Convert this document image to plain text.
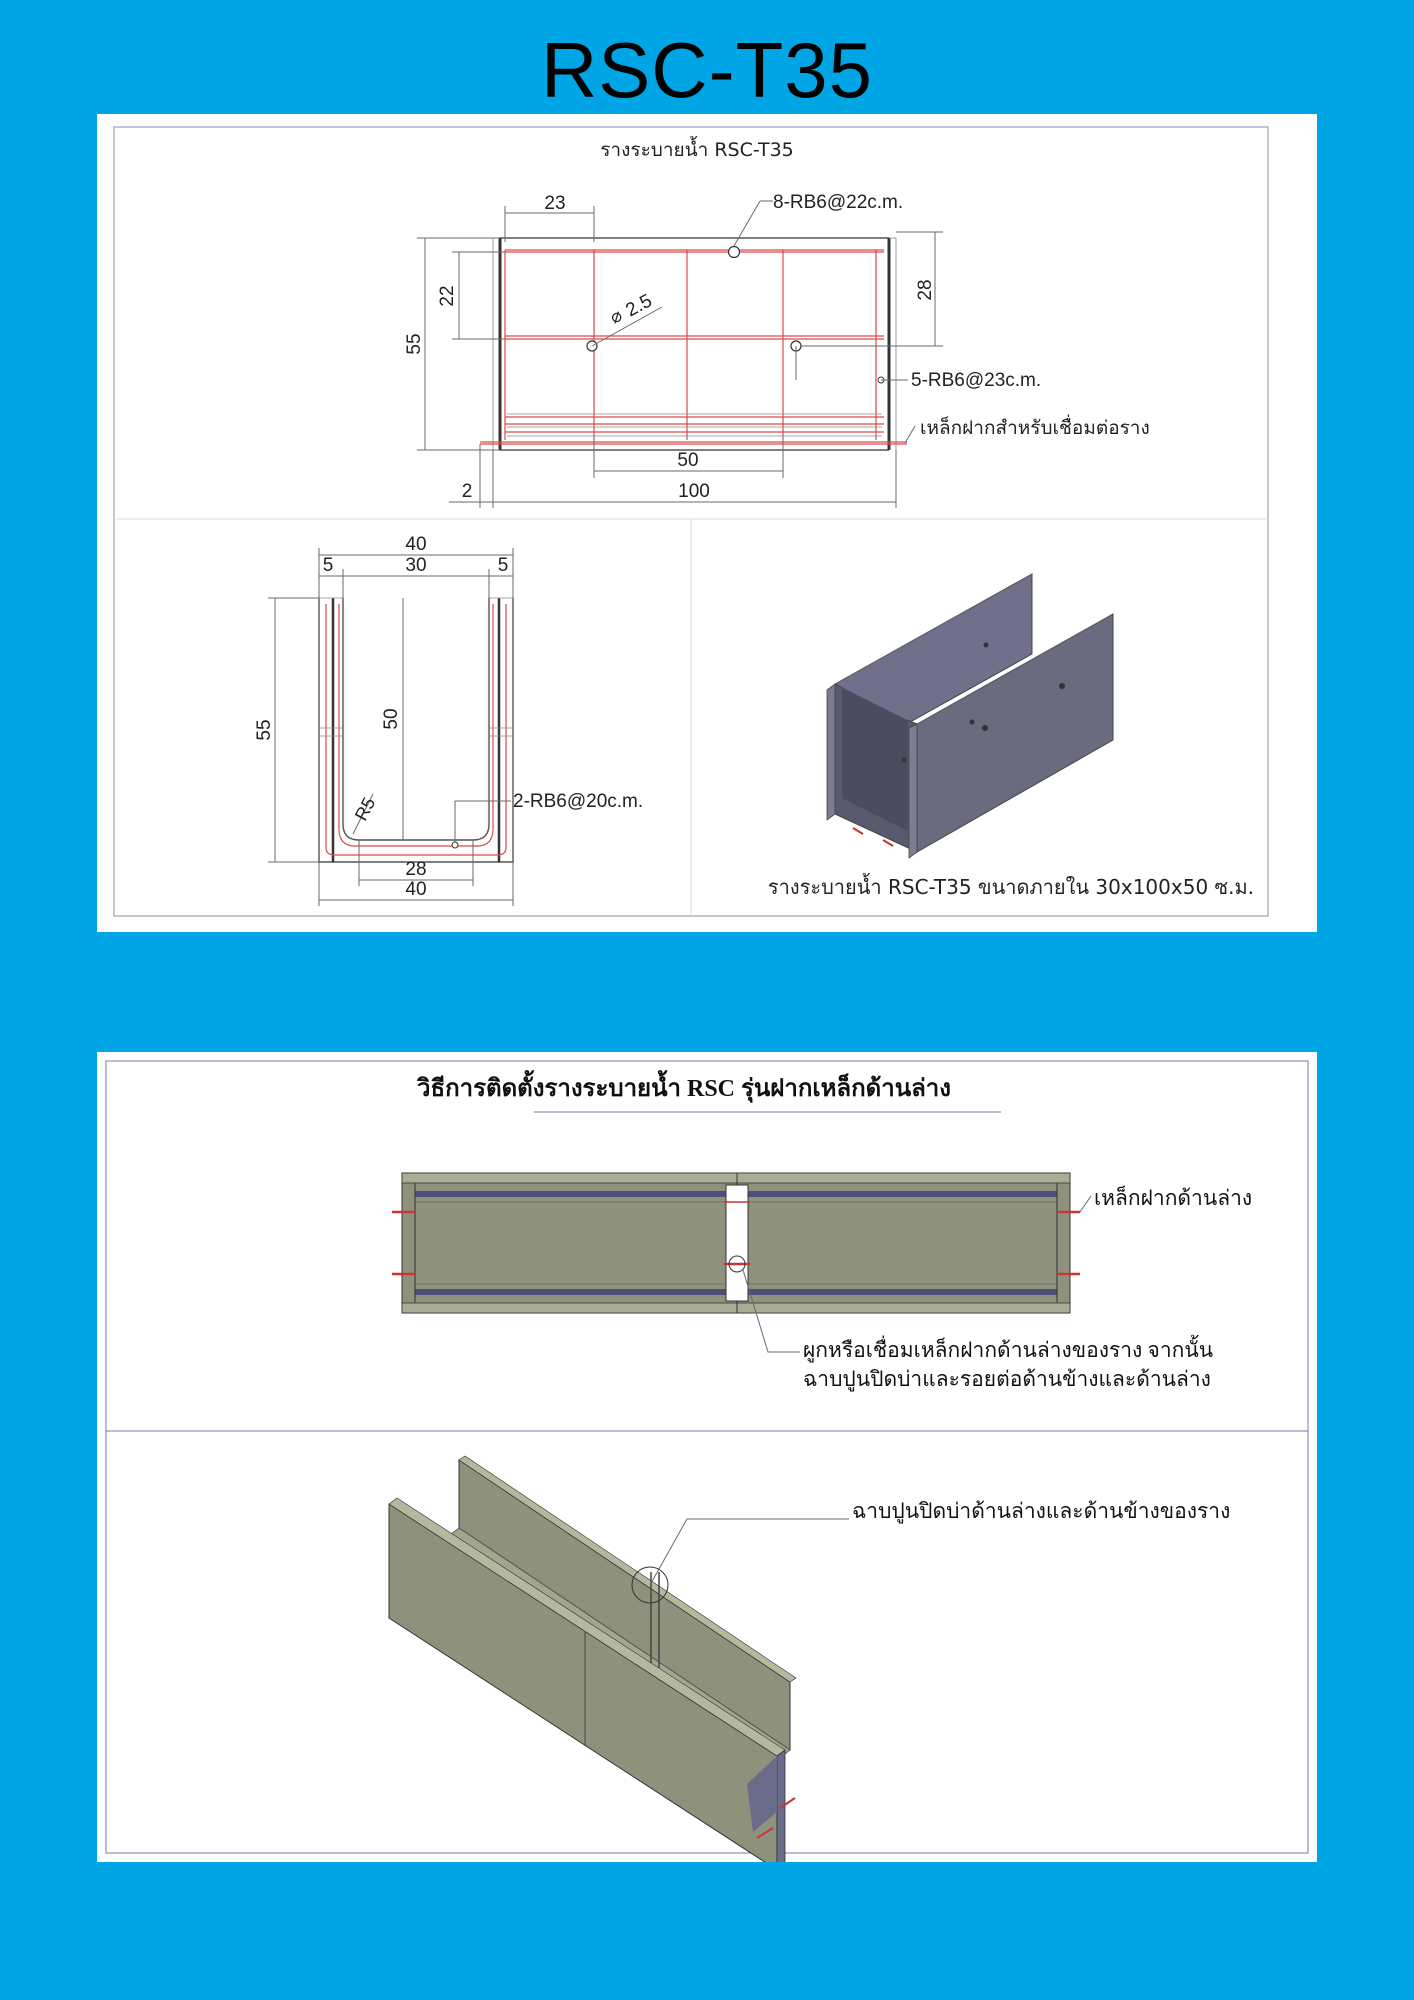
RSC-T35
รางระบายน้ำ RSC-T35
23
55
22	28
⌀
2.5
8-RB6@22c.m.
5-RB6@23c.m.
เหล็กฝากสำหรับเชื่อมต่อราง
50
100
2
40
5	30	5
55
50
R5	2-RB6@20c.m.
28
40	รางระบายน้ำ RSC-T35 ขนาดภายใน 30x100x50 ซ.ม.
วิธีการติดตั้งรางระบายน้ำ RSC รุ่นฝากเหล็กด้านล่าง
เหล็กฝากด้านล่าง
ผูกหรือเชื่อมเหล็กฝากด้านล่างของราง จากนั้น
ฉาบปูนปิดบ่าและรอยต่อด้านข้างและด้านล่าง
ฉาบปูนปิดบ่าด้านล่างและด้านข้างของราง
